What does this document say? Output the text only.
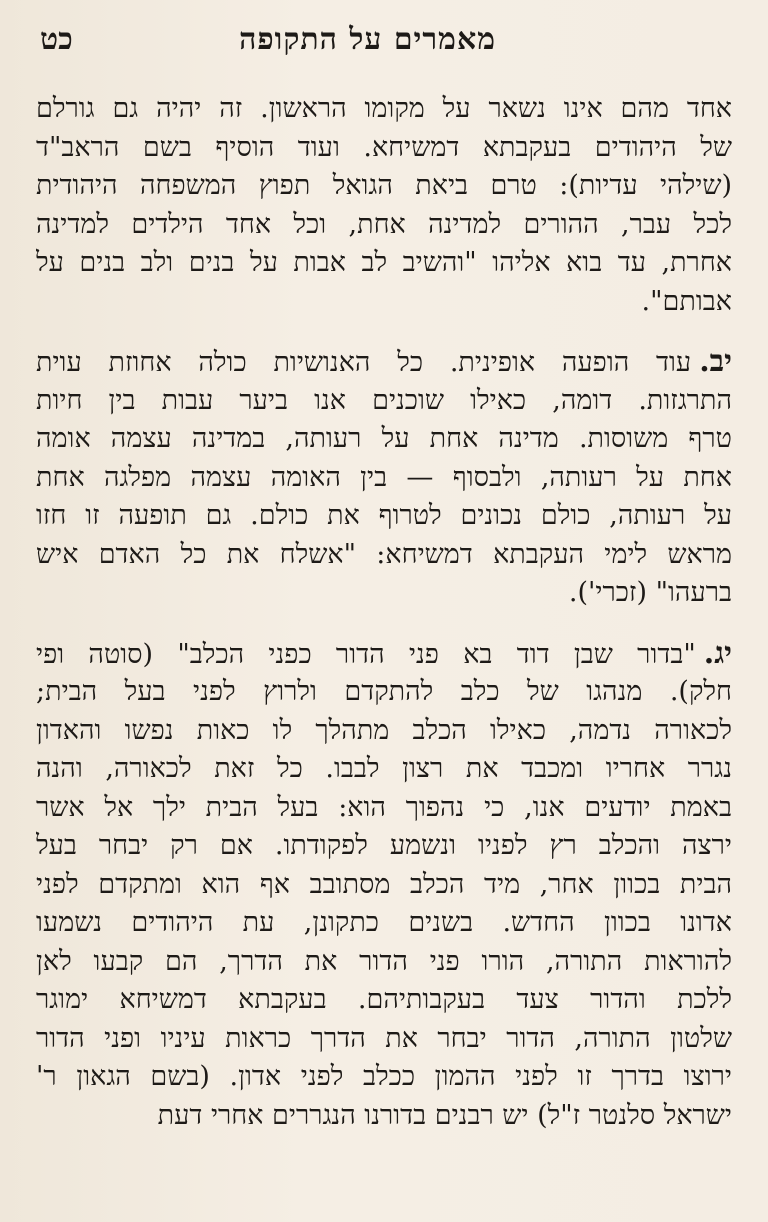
מאמרים על התקופה
כט
אחד מהם אינו נשאר על מקומו הראשון. זה יהיה גם גורלם
של היהודים בעקבתא דמשיחא. ועוד הוסיף בשם הראב"ד
(שילהי עדיות): טרם ביאת הגואל תפוץ המשפחה היהודית
לכל עבר, ההורים למדינה אחת, וכל אחד הילדים למדינה
אחרת, עד בוא אליהו "והשיב לב אבות על בנים ולב בנים על
אבותם".
יב.עוד הופעה אופינית. כל האנושיות כולה אחוזת עוית
התרגזות. דומה, כאילו שוכנים אנו ביער עבות בין חיות
טרף משוסות. מדינה אחת על רעותה, במדינה עצמה אומה
אחת על רעותה, ולבסוף — בין האומה עצמה מפלגה אחת
על רעותה, כולם נכונים לטרוף את כולם. גם תופעה זו חזו
מראש לימי העקבתא דמשיחא: "אשלח את כל האדם איש
ברעהו" (זכרי').
יג."בדור שבן דוד בא פני הדור כפני הכלב" (סוטה ופי
חלק). מנהגו של כלב להתקדם ולרוץ לפני בעל הבית;
לכאורה נדמה, כאילו הכלב מתהלך לו כאות נפשו והאדון
נגרר אחריו ומכבד את רצון לבבו. כל זאת לכאורה, והנה
באמת יודעים אנו, כי נהפוך הוא: בעל הבית ילך אל אשר
ירצה והכלב רץ לפניו ונשמע לפקודתו. אם רק יבחר בעל
הבית בכוון אחר, מיד הכלב מסתובב אף הוא ומתקדם לפני
אדונו בכוון החדש. בשנים כתקונן, עת היהודים נשמעו
להוראות התורה, הורו פני הדור את הדרך, הם קבעו לאן
ללכת והדור צעד בעקבותיהם. בעקבתא דמשיחא ימוגר
שלטון התורה, הדור יבחר את הדרך כראות עיניו ופני הדור
ירוצו בדרך זו לפני ההמון ככלב לפני אדון. (בשם הגאון ר'
ישראל סלנטר ז"ל) יש רבנים בדורנו הנגררים אחרי דעת
